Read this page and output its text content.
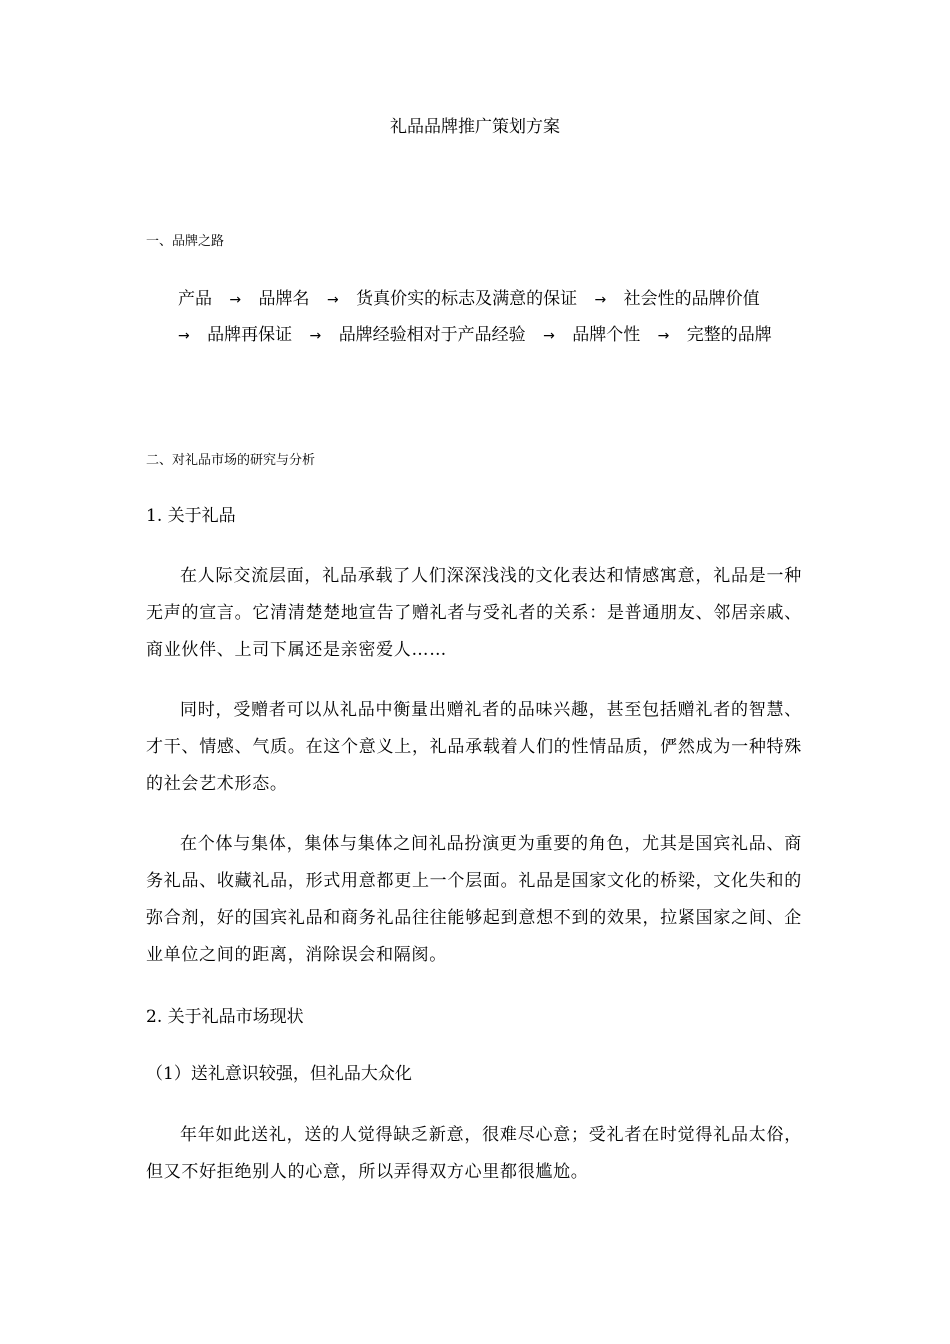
礼品品牌推广策划方案
一、品牌之路
产品 → 品牌名 → 货真价实的标志及满意的保证 → 社会性的品牌价值
→ 品牌再保证 → 品牌经验相对于产品经验 → 品牌个性 → 完整的品牌
二、对礼品市场的研究与分析
1. 关于礼品

在人际交流层面，礼品承载了人们深深浅浅的文化表达和情感寓意，礼品是一种无声的宣言。它清清楚楚地宣告了赠礼者与受礼者的关系：是普通朋友、邻居亲戚、商业伙伴、上司下属还是亲密爱人……

同时，受赠者可以从礼品中衡量出赠礼者的品味兴趣，甚至包括赠礼者的智慧、才干、情感、气质。在这个意义上，礼品承载着人们的性情品质，俨然成为一种特殊的社会艺术形态。

在个体与集体，集体与集体之间礼品扮演更为重要的角色，尤其是国宾礼品、商务礼品、收藏礼品，形式用意都更上一个层面。礼品是国家文化的桥梁，文化失和的弥合剂，好的国宾礼品和商务礼品往往能够起到意想不到的效果，拉紧国家之间、企业单位之间的距离，消除误会和隔阂。

2. 关于礼品市场现状
（1）送礼意识较强，但礼品大众化

年年如此送礼，送的人觉得缺乏新意，很难尽心意；受礼者在时觉得礼品太俗，但又不好拒绝别人的心意，所以弄得双方心里都很尴尬。
